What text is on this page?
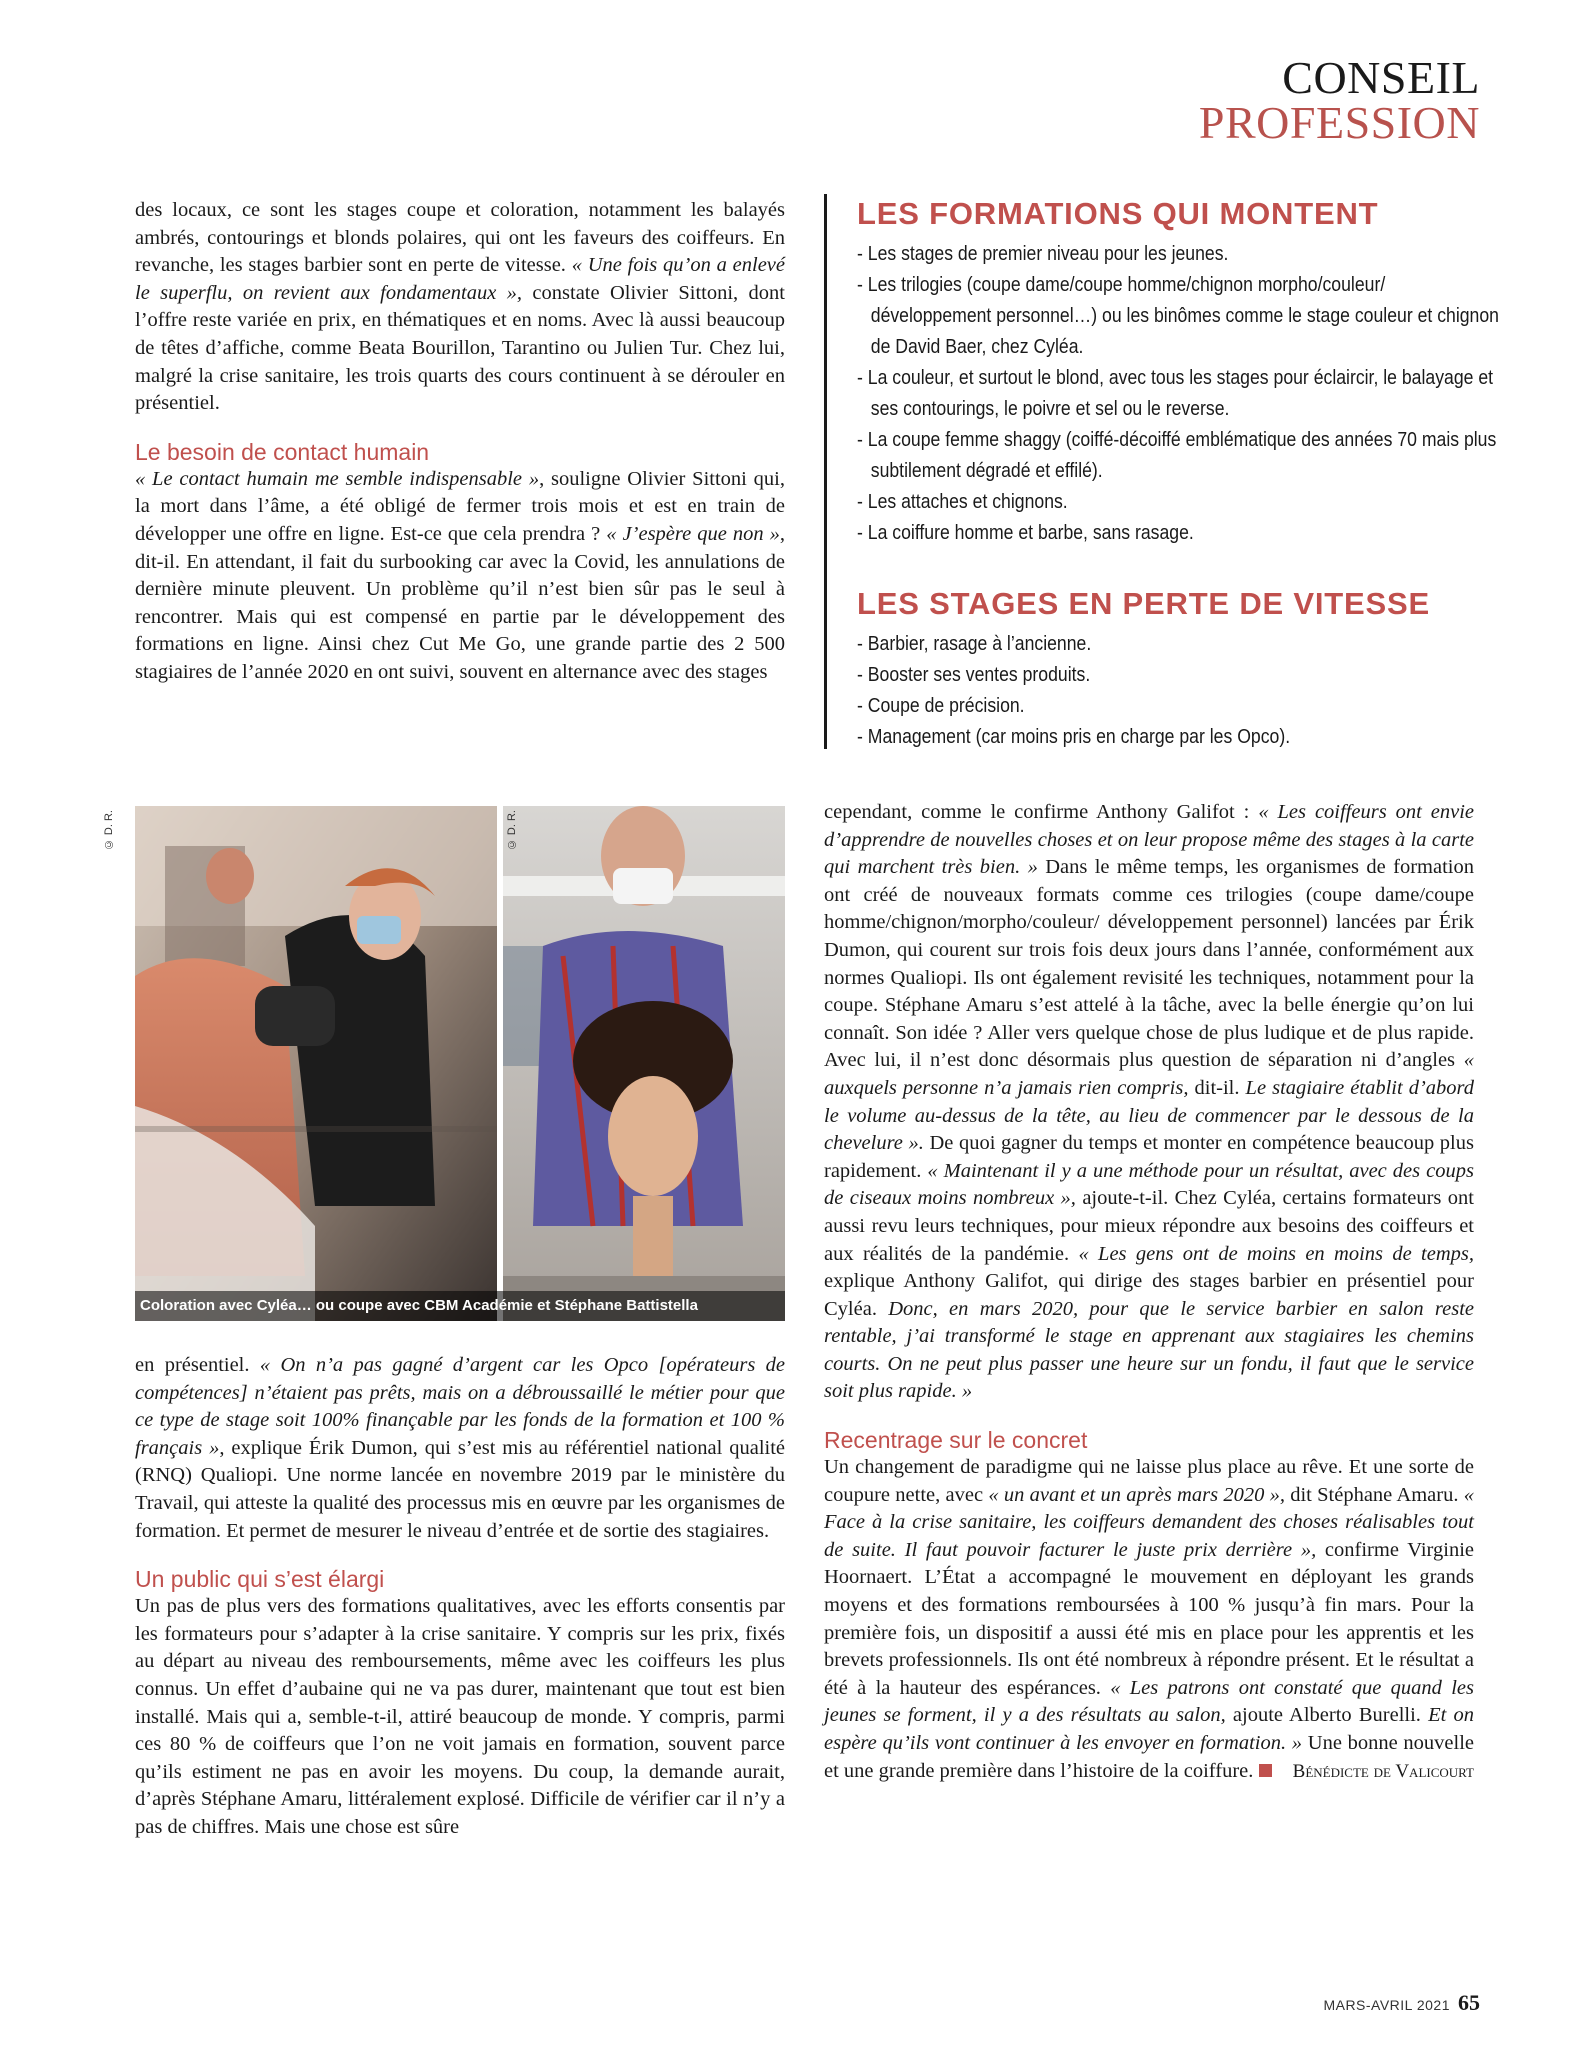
CONSEIL
PROFESSION

des locaux, ce sont les stages coupe et coloration, notamment les balayés ambrés, contourings et blonds polaires, qui ont les faveurs des coiffeurs. En revanche, les stages barbier sont en perte de vitesse. « Une fois qu’on a enlevé le superflu, on revient aux fondamentaux », constate Olivier Sittoni, dont l’offre reste variée en prix, en thématiques et en noms. Avec là aussi beaucoup de têtes d’affiche, comme Beata Bourillon, Tarantino ou Julien Tur. Chez lui, malgré la crise sanitaire, les trois quarts des cours continuent à se dérouler en présentiel.

Le besoin de contact humain

« Le contact humain me semble indispensable », souligne Olivier Sittoni qui, la mort dans l’âme, a été obligé de fermer trois mois et est en train de développer une offre en ligne. Est-ce que cela prendra ? « J’espère que non », dit-il. En attendant, il fait du surbooking car avec la Covid, les annulations de dernière minute pleuvent. Un problème qu’il n’est bien sûr pas le seul à rencontrer. Mais qui est compensé en partie par le développement des formations en ligne. Ainsi chez Cut Me Go, une grande partie des 2 500 stagiaires de l’année 2020 en ont suivi, souvent en alternance avec des stages

LES FORMATIONS QUI MONTENT
- Les stages de premier niveau pour les jeunes.
- Les trilogies (coupe dame/coupe homme/chignon morpho/couleur/ développement personnel…) ou les binômes comme le stage couleur et chignon de David Baer, chez Cyléa.
- La couleur, et surtout le blond, avec tous les stages pour éclaircir, le balayage et ses contourings, le poivre et sel ou le reverse.
- La coupe femme shaggy (coiffé-décoiffé emblématique des années 70 mais plus subtilement dégradé et effilé).
- Les attaches et chignons.
- La coiffure homme et barbe, sans rasage.
LES STAGES EN PERTE DE VITESSE
- Barbier, rasage à l’ancienne.
- Booster ses ventes produits.
- Coupe de précision.
- Management (car moins pris en charge par les Opco).
© D. R.	© D. R.
Coloration avec Cyléa… ou coupe avec CBM Académie et Stéphane Battistella

en présentiel. « On n’a pas gagné d’argent car les Opco [opérateurs de compétences] n’étaient pas prêts, mais on a débroussaillé le métier pour que ce type de stage soit 100% finançable par les fonds de la formation et 100 % français », explique Érik Dumon, qui s’est mis au référentiel national qualité (RNQ) Qualiopi. Une norme lancée en novembre 2019 par le ministère du Travail, qui atteste la qualité des processus mis en œuvre par les organismes de formation. Et permet de mesurer le niveau d’entrée et de sortie des stagiaires.

Un public qui s’est élargi

Un pas de plus vers des formations qualitatives, avec les efforts consentis par les formateurs pour s’adapter à la crise sanitaire. Y compris sur les prix, fixés au départ au niveau des remboursements, même avec les coiffeurs les plus connus. Un effet d’aubaine qui ne va pas durer, maintenant que tout est bien installé. Mais qui a, semble-t-il, attiré beaucoup de monde. Y compris, parmi ces 80 % de coiffeurs que l’on ne voit jamais en formation, souvent parce qu’ils estiment ne pas en avoir les moyens. Du coup, la demande aurait, d’après Stéphane Amaru, littéralement explosé. Difficile de vérifier car il n’y a pas de chiffres. Mais une chose est sûre

cependant, comme le confirme Anthony Galifot : « Les coiffeurs ont envie d’apprendre de nouvelles choses et on leur propose même des stages à la carte qui marchent très bien. » Dans le même temps, les organismes de formation ont créé de nouveaux formats comme ces trilogies (coupe dame/coupe homme/chignon/morpho/couleur/ développement personnel) lancées par Érik Dumon, qui courent sur trois fois deux jours dans l’année, conformément aux normes Qualiopi. Ils ont également revisité les techniques, notamment pour la coupe. Stéphane Amaru s’est attelé à la tâche, avec la belle énergie qu’on lui connaît. Son idée ? Aller vers quelque chose de plus ludique et de plus rapide. Avec lui, il n’est donc désormais plus question de séparation ni d’angles « auxquels personne n’a jamais rien compris, dit-il. Le stagiaire établit d’abord le volume au-dessus de la tête, au lieu de commencer par le dessous de la chevelure ». De quoi gagner du temps et monter en compétence beaucoup plus rapidement. « Maintenant il y a une méthode pour un résultat, avec des coups de ciseaux moins nombreux », ajoute-t-il. Chez Cyléa, certains formateurs ont aussi revu leurs techniques, pour mieux répondre aux besoins des coiffeurs et aux réalités de la pandémie. « Les gens ont de moins en moins de temps, explique Anthony Galifot, qui dirige des stages barbier en présentiel pour Cyléa. Donc, en mars 2020, pour que le service barbier en salon reste rentable, j’ai transformé le stage en apprenant aux stagiaires les chemins courts. On ne peut plus passer une heure sur un fondu, il faut que le service soit plus rapide. »

Recentrage sur le concret

Un changement de paradigme qui ne laisse plus place au rêve. Et une sorte de coupure nette, avec « un avant et un après mars 2020 », dit Stéphane Amaru. « Face à la crise sanitaire, les coiffeurs demandent des choses réalisables tout de suite. Il faut pouvoir facturer le juste prix derrière », confirme Virginie Hoornaert. L’État a accompagné le mouvement en déployant les grands moyens et des formations remboursées à 100 % jusqu’à fin mars. Pour la première fois, un dispositif a aussi été mis en place pour les apprentis et les brevets professionnels. Ils ont été nombreux à répondre présent. Et le résultat a été à la hauteur des espérances. « Les patrons ont constaté que quand les jeunes se forment, il y a des résultats au salon, ajoute Alberto Burelli. Et on espère qu’ils vont continuer à les envoyer en formation. » Une bonne nouvelle et une grande première dans l’histoire de la coiffure. Bénédicte de Valicourt

MARS-AVRIL 2021 65
